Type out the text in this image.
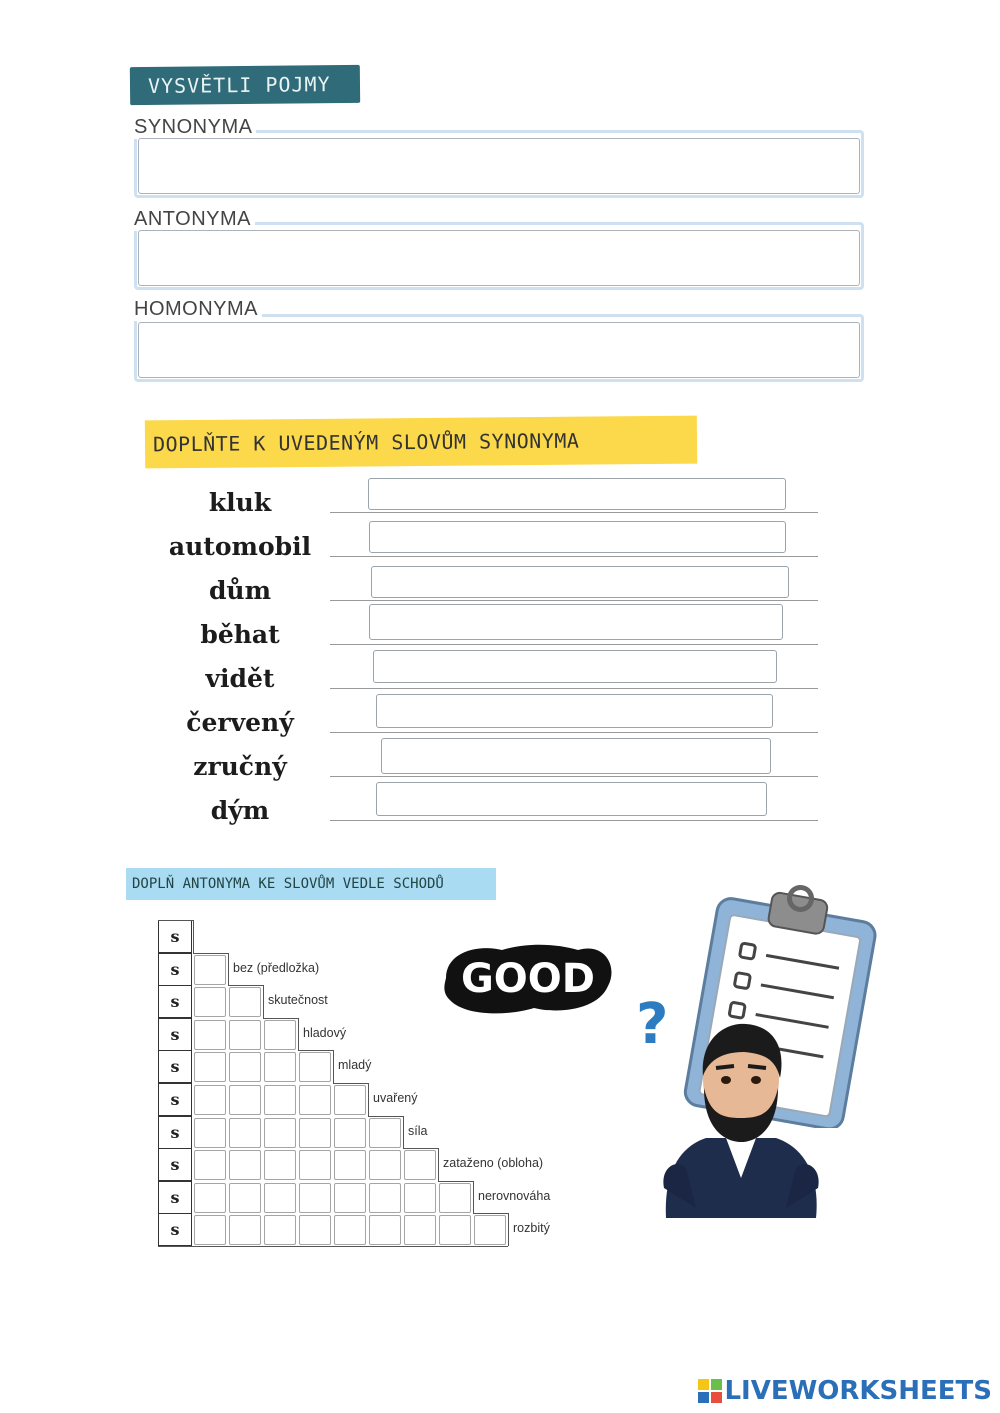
VYSVĚTLI POJMY
SYNONYMA
ANTONYMA
HOMONYMA
DOPLŇTE K UVEDENÝM SLOVŮM SYNONYMA
kluk
automobil
dům
běhat
vidět
červený
zručný
dým
DOPLŇ ANTONYMA KE SLOVŮM VEDLE SCHODŮ
s
s	bez (předložka)
s	skutečnost
s	hladový
s	mladý
s	uvařený
s	síla
s	zataženo (obloha)
s	nerovnováha
s	rozbitý
GOOD
?
LIVEWORKSHEETS
